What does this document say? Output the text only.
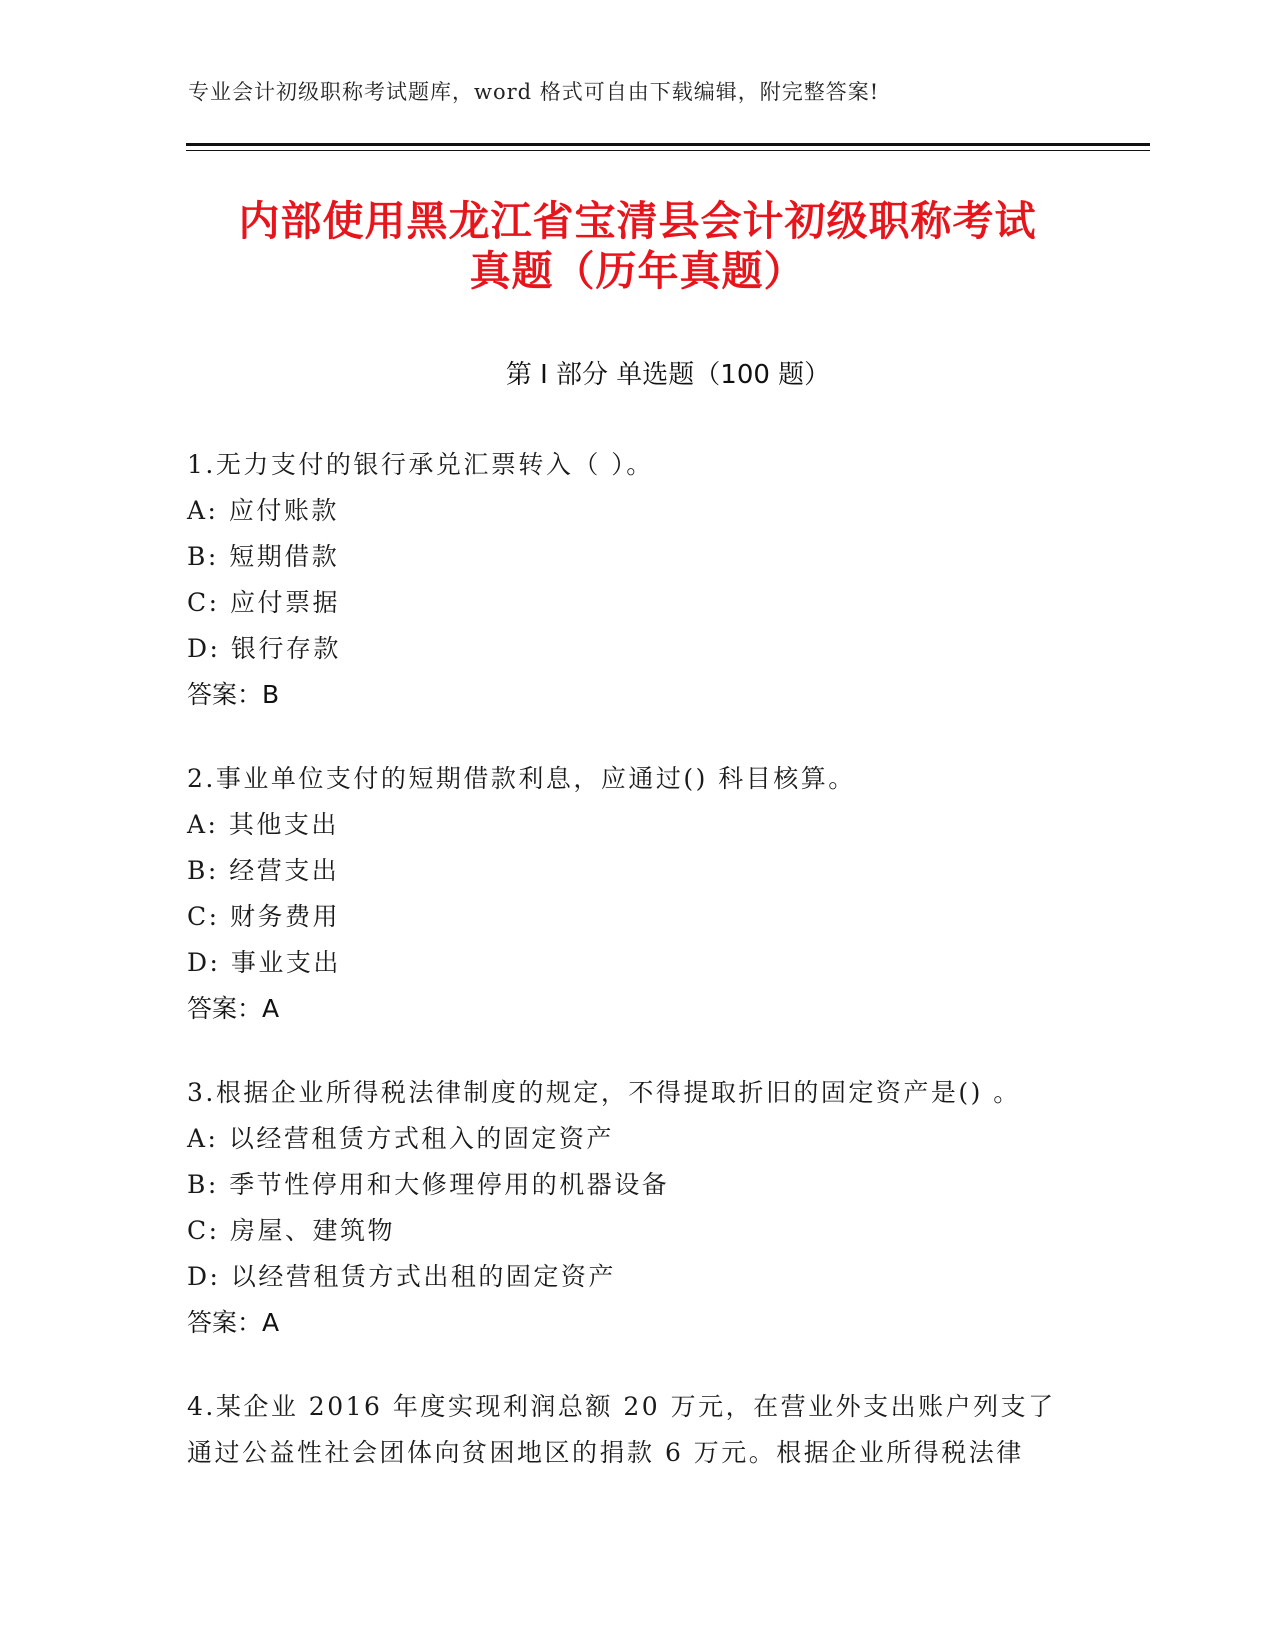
专业会计初级职称考试题库，word 格式可自由下载编辑，附完整答案!
内部使用黑龙江省宝清县会计初级职称考试
真题（历年真题）
第 I 部分 单选题（100 题）
1.无力支付的银行承兑汇票转入（ ）。
A: 应付账款
B: 短期借款
C: 应付票据
D: 银行存款
答案：B
2.事业单位支付的短期借款利息，应通过() 科目核算。
A: 其他支出
B: 经营支出
C: 财务费用
D: 事业支出
答案：A
3.根据企业所得税法律制度的规定，不得提取折旧的固定资产是() 。
A: 以经营租赁方式租入的固定资产
B: 季节性停用和大修理停用的机器设备
C: 房屋、建筑物
D: 以经营租赁方式出租的固定资产
答案：A
4.某企业 2016 年度实现利润总额 20 万元，在营业外支出账户列支了
通过公益性社会团体向贫困地区的捐款 6 万元。根据企业所得税法律
